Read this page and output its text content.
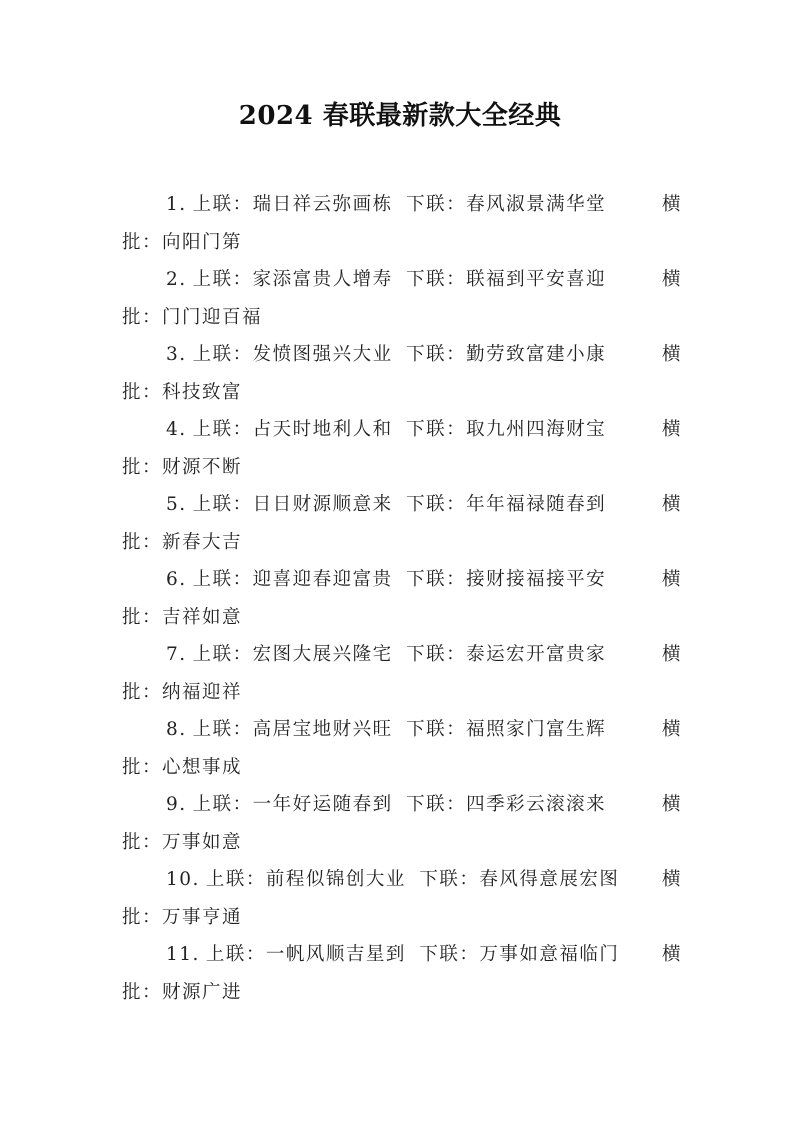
2024 春联最新款大全经典
1. 上联：瑞日祥云弥画栋 下联：春风淑景满华堂	横
批：向阳门第
2. 上联：家添富贵人增寿 下联：联福到平安喜迎	横
批：门门迎百福
3. 上联：发愤图强兴大业 下联：勤劳致富建小康	横
批：科技致富
4. 上联：占天时地利人和 下联：取九州四海财宝	横
批：财源不断
5. 上联：日日财源顺意来 下联：年年福禄随春到	横
批：新春大吉
6. 上联：迎喜迎春迎富贵 下联：接财接福接平安	横
批：吉祥如意
7. 上联：宏图大展兴隆宅 下联：泰运宏开富贵家	横
批：纳福迎祥
8. 上联：高居宝地财兴旺 下联：福照家门富生辉	横
批：心想事成
9. 上联：一年好运随春到 下联：四季彩云滚滚来	横
批：万事如意
10. 上联：前程似锦创大业 下联：春风得意展宏图	横
批：万事亨通
11. 上联：一帆风顺吉星到 下联：万事如意福临门	横
批：财源广进
